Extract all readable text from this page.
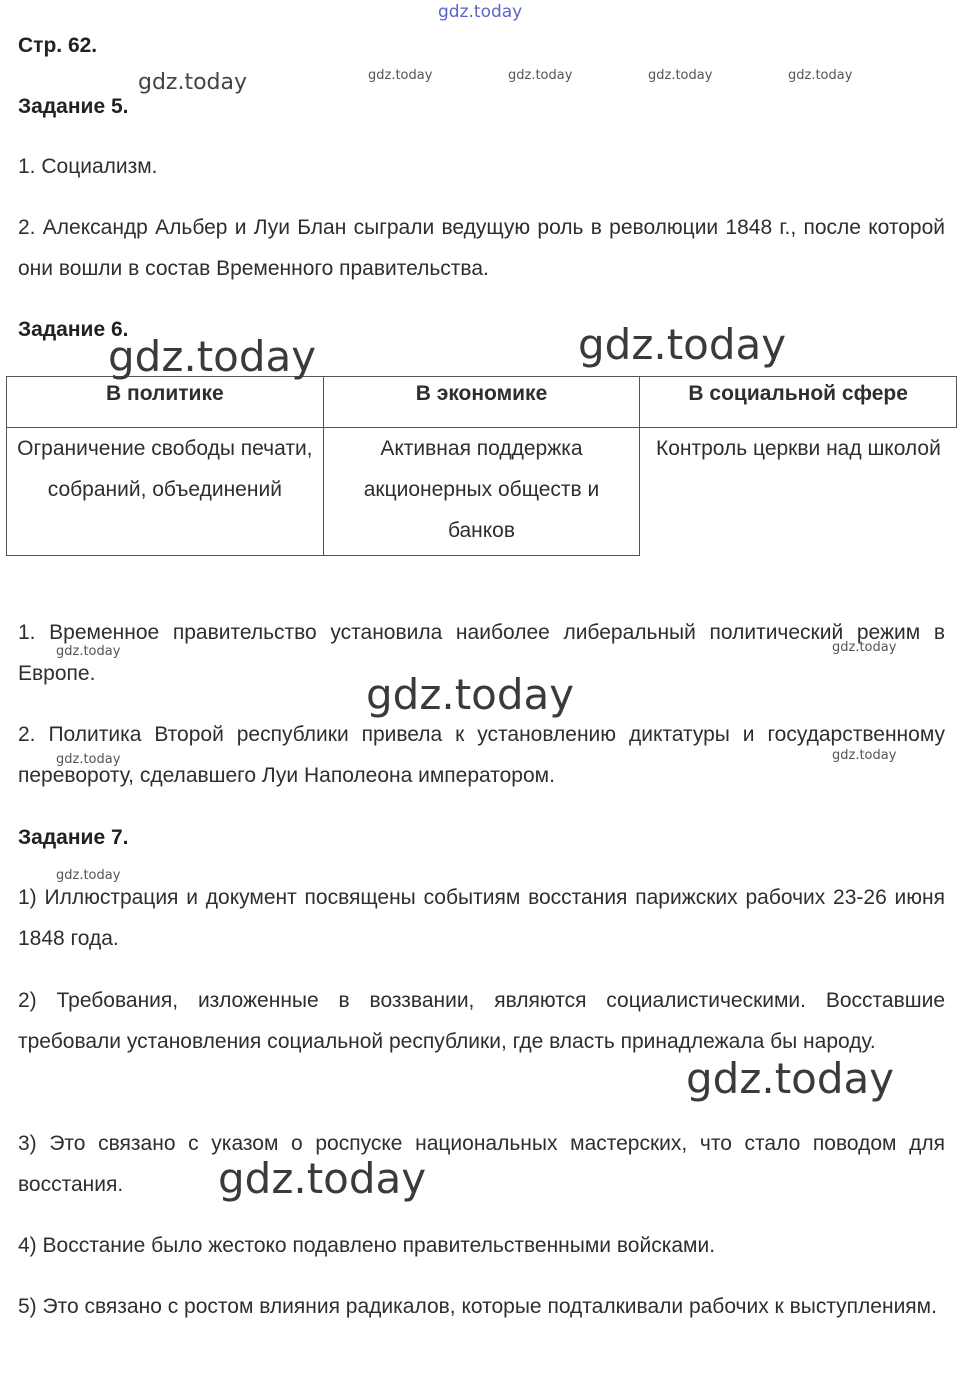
gdz.today
gdz.today	gdz.today	gdz.today	gdz.today	gdz.today
Стр. 62.
Задание 5.
1. Социализм.
2. Александр Альбер и Луи Блан сыграли ведущую роль в революции 1848 г., после которой они вошли в состав Временного правительства.
Задание 6.
В политике	В экономике	В социальной сфере
Ограничение свободы печати, собраний, объединений	Активная поддержка акционерных обществ и банков	Контроль церкви над школой
gdz.today	gdz.today
1. Временное правительство установила наиболее либеральный политический режим в Европе.
gdz.today	gdz.today
gdz.today
2. Политика Второй республики привела к установлению диктатуры и государственному перевороту, сделавшего Луи Наполеона императором.
gdz.today	gdz.today
Задание 7.
gdz.today
1) Иллюстрация и документ посвящены событиям восстания парижских рабочих 23-26 июня 1848 года.
2) Требования, изложенные в воззвании, являются социалистическими. Восставшие требовали установления социальной республики, где власть принадлежала бы народу.
gdz.today
3) Это связано с указом о роспуске национальных мастерских, что стало поводом для восстания.	gdz.today
4) Восстание было жестоко подавлено правительственными войсками.
5) Это связано с ростом влияния радикалов, которые подталкивали рабочих к выступлениям.
